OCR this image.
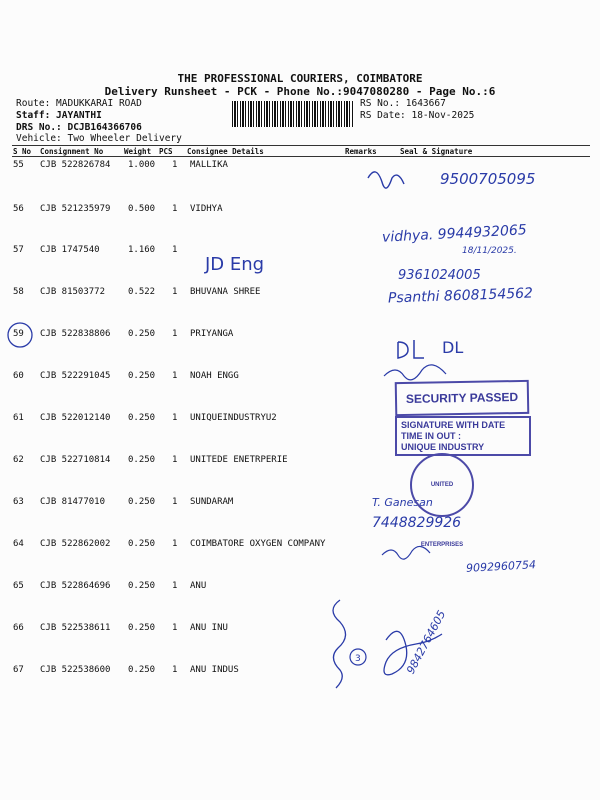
THE PROFESSIONAL COURIERS, COIMBATORE
Delivery Runsheet - PCK - Phone No.:9047080280 - Page No.:6
Route: MADUKKARAI ROAD
Staff: JAYANTHI
DRS No.: DCJB164366706
Vehicle: Two Wheeler Delivery
RS No.: 1643667
RS Date: 18-Nov-2025
S No Consignment No	Weight PCS Consignee Details	Remarks	Seal & Signature
55 CJB 522826784 1.000 1 MALLIKA
56 CJB 521235979 0.500 1 VIDHYA
57 CJB 1747540	1.160 1
58 CJB 81503772	0.522 1 BHUVANA SHREE
59 CJB 522838806 0.250 1 PRIYANGA
60 CJB 522291045 0.250 1 NOAH ENGG
61 CJB 522012140 0.250 1 UNIQUEINDUSTRYU2
62 CJB 522710814 0.250 1 UNITEDE ENETRPERIE
63 CJB 81477010	0.250 1 SUNDARAM
64 CJB 522862002 0.250 1 COIMBATORE OXYGEN COMPANY
65 CJB 522864696 0.250 1 ANU
66 CJB 522538611 0.250 1 ANU INU
67 CJB 522538600 0.250 1 ANU INDUS
3
9500705095
vidhya. 9944932065
18/11/2025.
JD Eng
9361024005
Psanthi 8608154562
DL
T. Ganesan
7448829926
9092960754
9842764605
SECURITY PASSED
SIGNATURE WITH DATE
TIME IN OUT :
UNIQUE INDUSTRY
UNITED ENTERPRISES
